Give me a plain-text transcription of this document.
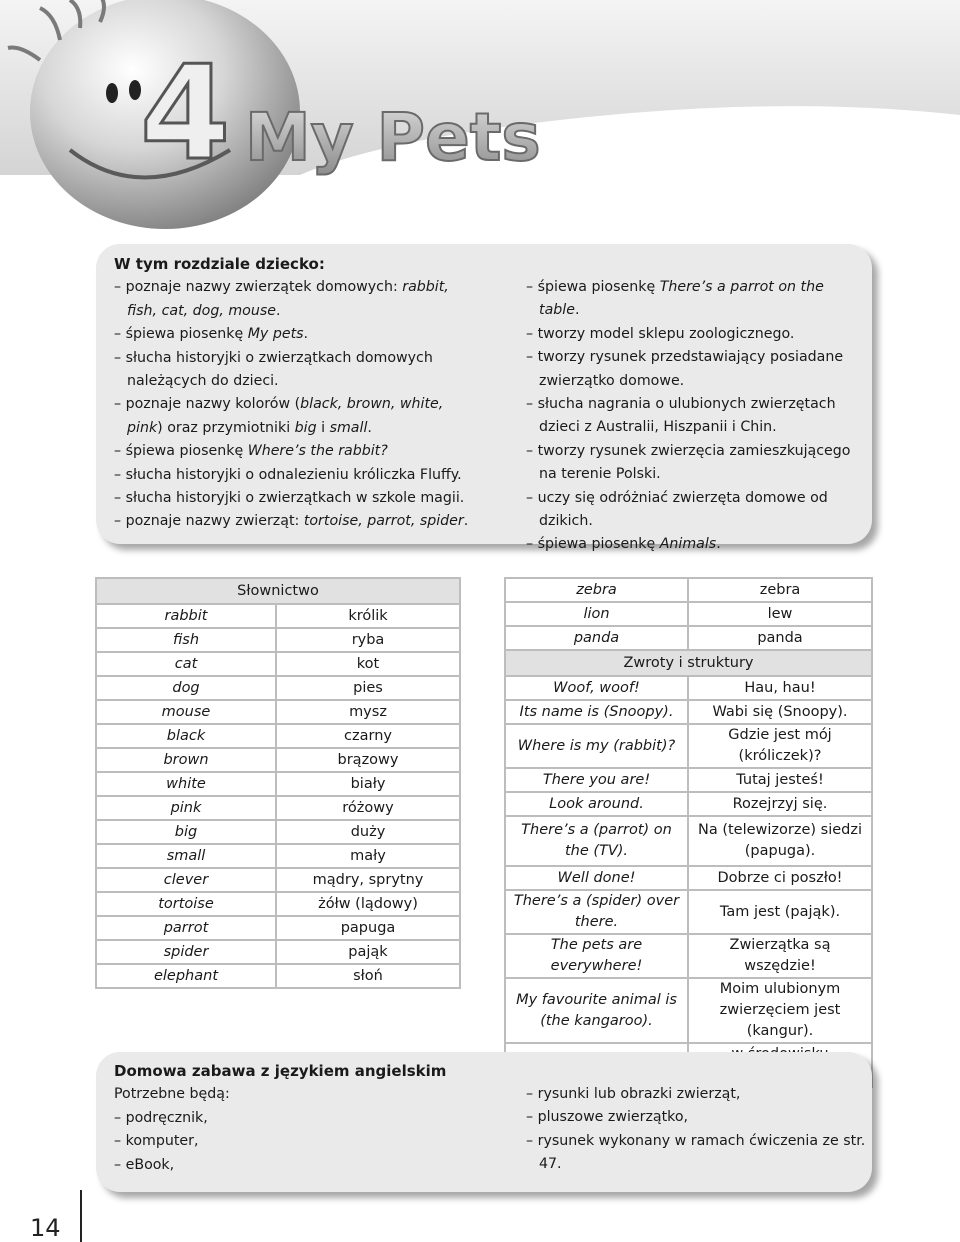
4 My Pets
W tym rozdziale dziecko:
– poznaje nazwy zwierzątek domowych: rabbit, fish, cat, dog, mouse.
– śpiewa piosenkę My pets.
– słucha historyjki o zwierzątkach domowych należących do dzieci.
– poznaje nazwy kolorów (black, brown, white, pink) oraz przymiotniki big i small.
– śpiewa piosenkę Where’s the rabbit?
– słucha historyjki o odnalezieniu króliczka Fluffy.
– słucha historyjki o zwierzątkach w szkole magii.
– poznaje nazwy zwierząt: tortoise, parrot, spider.
– śpiewa piosenkę There’s a parrot on the table.
– tworzy model sklepu zoologicznego.
– tworzy rysunek przedstawiający posiadane zwierzątko domowe.
– słucha nagrania o ulubionych zwierzętach dzieci z Australii, Hiszpanii i Chin.
– tworzy rysunek zwierzęcia zamieszkującego na terenie Polski.
– uczy się odróżniać zwierzęta domowe od dzikich.
– śpiewa piosenkę Animals.
Słownictwo	
rabbit	królik
fish	ryba
cat	kot
dog	pies
mouse	mysz
black	czarny
brown	brązowy
white	biały
pink	różowy
big	duży
small	mały
clever	mądry, sprytny
tortoise	żółw (lądowy)
parrot	papuga
spider	pająk
elephant	słoń
zebra	zebra
lion	lew
panda	panda
Zwroty i struktury	
Woof, woof!	Hau, hau!
Its name is (Snoopy).	Wabi się (Snoopy).
Where is my (rabbit)?	Gdzie jest mój (króliczek)?
There you are!	Tutaj jesteś!
Look around.	Rozejrzyj się.
There’s a (parrot) on the (TV).	Na (telewizorze) siedzi (papuga).
Well done!	Dobrze ci poszło!
There’s a (spider) over there.	Tam jest (pająk).
The pets are everywhere!	Zwierzątka są wszędzie!
My favourite animal is (the kangaroo).	Moim ulubionym zwierzęciem jest (kangur).

Domowa zabawa z językiem angielskim
Potrzebne będą:
– podręcznik,
– komputer,
– eBook,
– rysunki lub obrazki zwierząt,
– pluszowe zwierzątko,
– rysunek wykonany w ramach ćwiczenia ze str. 47.
14
